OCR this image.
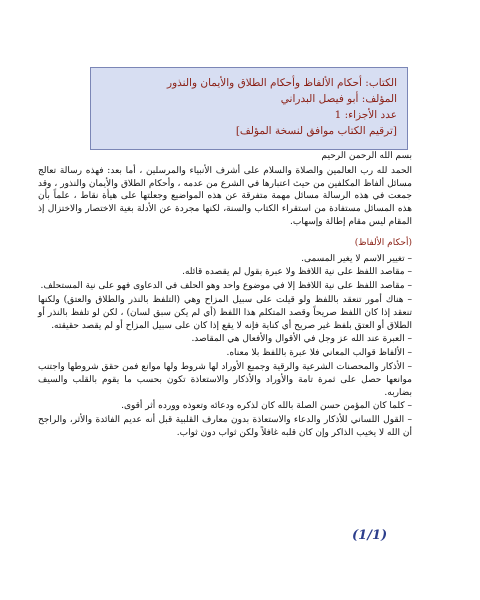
الكتاب: أحكام الألفاظ وأحكام الطلاق والأيمان والنذور
المؤلف: أبو فيصل البدراني
عدد الأجزاء: 1
[ترقيم الكتاب موافق لنسخة المؤلف]

بسم الله الرحمن الرحيم

الحمد لله رب العالمين والصلاة والسلام على أشرف الأنبياء والمرسلين ، أما بعد: فهذه رسالة تعالج مسائل ألفاظ المكلفين من حيث اعتبارها في الشرع من عدمه ، وأحكام الطلاق والأيمان والنذور ، وقد جمعت في هذه الرسالة مسائل مهمة متفرقة عن هذه المواضيع وجعلتها على هيأة نقاط ، علماً بأن هذه المسائل مستفادة من استقراء الكتاب والسنة، لكنها مجردة عن الأدلة بغية الاختصار والاختزال إذ المقام ليس مقام إطالة وإسهاب.

(أحكام الألفاظ)

– تغيير الاسم لا يغير المسمى.

– مقاصد اللفظ على نية اللافظ ولا عبرة بقول لم يقصده قائله.

– مقاصد اللفظ على نية اللافظ إلا في موضوع واحد وهو الحلف في الدعاوى فهو على نية المستحلف.

– هناك أمور تنعقد باللفظ ولو قيلت على سبيل المزاح وهي (التلفظ بالنذر والطلاق والعتق) ولكنها تنعقد إذا كان اللفظ صريحاً وقصد المتكلم هذا اللفظ (أي لم يكن سبق لسان) ، لكن لو تلفظ بالنذر أو الطلاق أو العتق بلفظ غير صريح أي كناية فإنه لا يقع إذا كان على سبيل المزاح أو لم يقصد حقيقته.

– العبرة عند الله عز وجل في الأقوال والأفعال هي المقاصد.

– الألفاظ قوالب المعاني فلا عبرة باللفظ بلا معناه.

– الأذكار والمحصنات الشرعية والرقية وجميع الأوراد لها شروط ولها موانع فمن حقق شروطها واجتنب موانعها حصل على ثمرة تامة والأوراد والأذكار والاستعاذة تكون بحسب ما يقوم بالقلب والسيف بضاربه.

– كلما كان المؤمن حسن الصلة بالله كان لذكره ودعائه وتعوذه وورده أثر أقوى.

– القول اللساني للأذكار والدعاء والاستعاذة بدون معارف القلبية قبل أنه عديم الفائدة والأثر، والراجح أن الله لا يخيب الذاكر وإن كان قلبه غافلاً ولكن ثواب دون ثواب.

(1/1)
